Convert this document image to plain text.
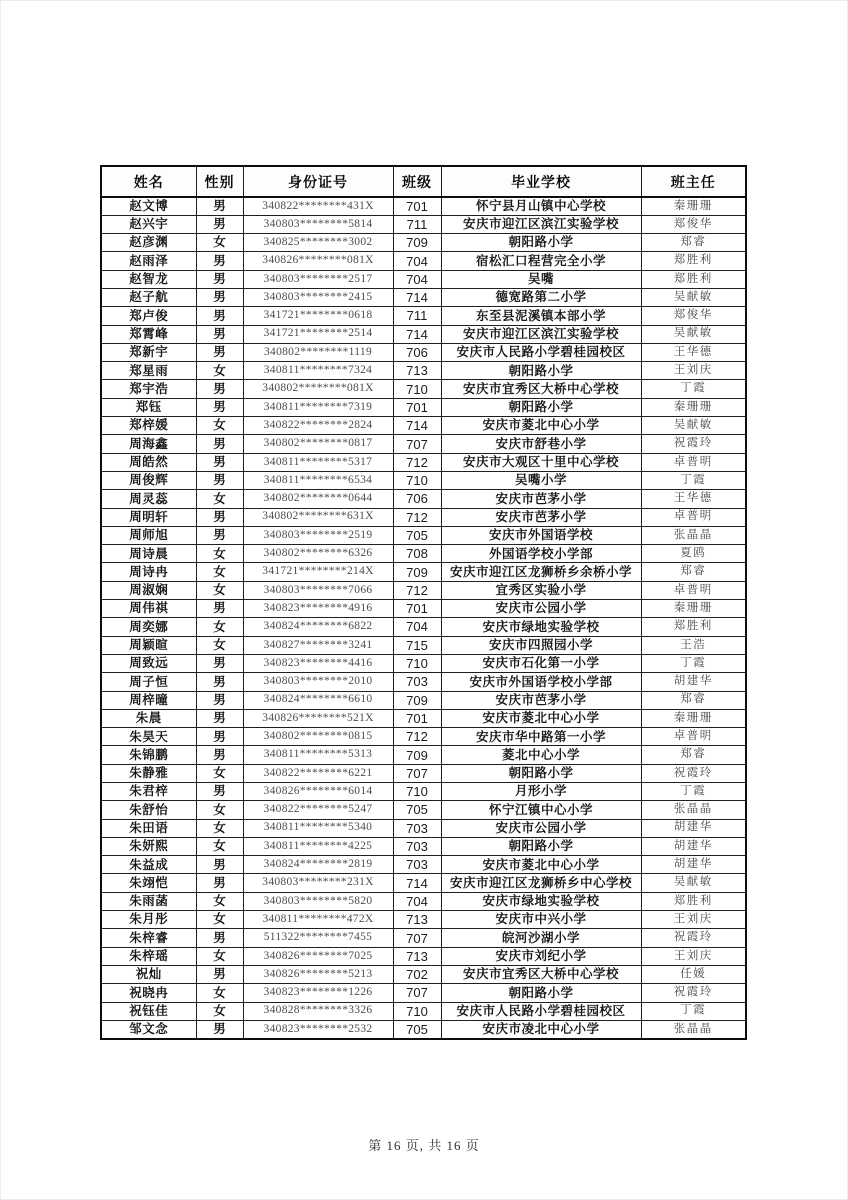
姓名	性别	身份证号	班级	毕业学校	班主任
赵文博	男	340822********431X	701	怀宁县月山镇中心学校	秦珊珊
赵兴宇	男	340803********5814	711	安庆市迎江区滨江实验学校	郑俊华
赵彦渊	女	340825********3002	709	朝阳路小学	郑睿
赵雨泽	男	340826********081X	704	宿松汇口程营完全小学	郑胜利
赵智龙	男	340803********2517	704	吴嘴	郑胜利
赵子航	男	340803********2415	714	德宽路第二小学	吴献敏
郑卢俊	男	341721********0618	711	东至县泥溪镇本部小学	郑俊华
郑霄峰	男	341721********2514	714	安庆市迎江区滨江实验学校	吴献敏
郑新宇	男	340802********1119	706	安庆市人民路小学碧桂园校区	王华德
郑星雨	女	340811********7324	713	朝阳路小学	王刘庆
郑宇浩	男	340802********081X	710	安庆市宜秀区大桥中心学校	丁霞
郑钰	男	340811********7319	701	朝阳路小学	秦珊珊
郑梓媛	女	340822********2824	714	安庆市菱北中心小学	吴献敏
周海鑫	男	340802********0817	707	安庆市舒巷小学	祝霞玲
周皓然	男	340811********5317	712	安庆市大观区十里中心学校	卓普明
周俊辉	男	340811********6534	710	吴嘴小学	丁霞
周灵蕊	女	340802********0644	706	安庆市芭茅小学	王华德
周明轩	男	340802********631X	712	安庆市芭茅小学	卓普明
周师旭	男	340803********2519	705	安庆市外国语学校	张晶晶
周诗晨	女	340802********6326	708	外国语学校小学部	夏鸥
周诗冉	女	341721********214X	709	安庆市迎江区龙狮桥乡余桥小学	郑睿
周淑娴	女	340803********7066	712	宜秀区实验小学	卓普明
周伟祺	男	340823********4916	701	安庆市公园小学	秦珊珊
周奕娜	女	340824********6822	704	安庆市绿地实验学校	郑胜利
周颖暄	女	340827********3241	715	安庆市四照园小学	王浩
周致远	男	340823********4416	710	安庆市石化第一小学	丁霞
周子恒	男	340803********2010	703	安庆市外国语学校小学部	胡建华
周梓曈	男	340824********6610	709	安庆市芭茅小学	郑睿
朱晨	男	340826********521X	701	安庆市菱北中心小学	秦珊珊
朱昊天	男	340802********0815	712	安庆市华中路第一小学	卓普明
朱锦鹏	男	340811********5313	709	菱北中心小学	郑睿
朱静雅	女	340822********6221	707	朝阳路小学	祝霞玲
朱君梓	男	340826********6014	710	月形小学	丁霞
朱舒怡	女	340822********5247	705	怀宁江镇中心小学	张晶晶
朱田语	女	340811********5340	703	安庆市公园小学	胡建华
朱妍熙	女	340811********4225	703	朝阳路小学	胡建华
朱益成	男	340824********2819	703	安庆市菱北中心小学	胡建华
朱翊恺	男	340803********231X	714	安庆市迎江区龙狮桥乡中心学校	吴献敏
朱雨菡	女	340803********5820	704	安庆市绿地实验学校	郑胜利
朱月彤	女	340811********472X	713	安庆市中兴小学	王刘庆
朱梓睿	男	511322********7455	707	皖河沙湖小学	祝霞玲
朱梓瑶	女	340826********7025	713	安庆市刘纪小学	王刘庆
祝灿	男	340826********5213	702	安庆市宜秀区大桥中心学校	任媛
祝晓冉	女	340823********1226	707	朝阳路小学	祝霞玲
祝钰佳	女	340828********3326	710	安庆市人民路小学碧桂园校区	丁霞
邹文念	男	340823********2532	705	安庆市凌北中心小学	张晶晶
第 16 页, 共 16 页
